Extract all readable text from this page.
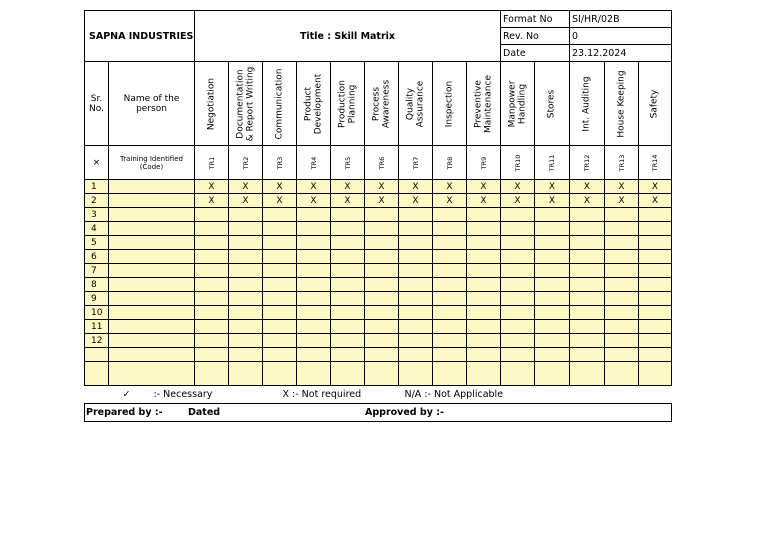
SAPNA INDUSTRIES		Title : Skill Matrix									Format No		SI/HR/02B		
											Rev. No		0		
											Date		23.12.2024		
Sr. No.	Name of the person	Negotiation	Documentation & Report Writing	Communication	Product Development	Production Planning	Process Awareness	Quality Assurance	Inspection	Preventive Maintenance	Manpower Handling	Stores	Int. Auditing	House Keeping	Safety

×	Training Identified (Code)	TR1	TR2	TR3	TR4	TR5	TR6	TR7	TR8	TR9	TR10	TR11	TR12	TR13	TR14

1		X	X	X	X	X	X	X	X	X	X	X	X	X	X
2		X	X	X	X	X	X	X	X	X	X	X	X	X	X
3															
4															
5															
6															
7															
8															
9															
10															
11															
12															

✓ :- Necessary X :- Not required N/A :- Not Applicable															

Prepared by :- Dated Approved by :-															
